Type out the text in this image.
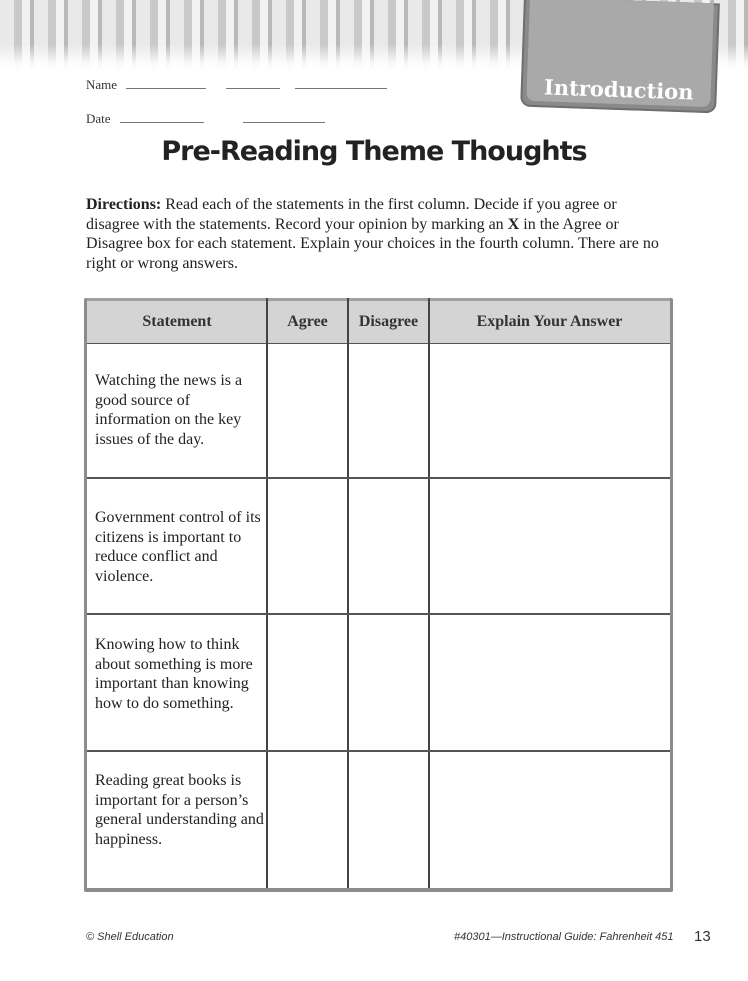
Introduction
Name
Date
Pre-Reading Theme Thoughts
Directions: Read each of the statements in the first column. Decide if you agree or disagree with the statements. Record your opinion by marking an X in the Agree or Disagree box for each statement. Explain your choices in the fourth column. There are no right or wrong answers.
Statement	Agree	Disagree	Explain Your Answer
Watching the news is a good source of information on the key issues of the day.
Government control of its citizens is important to reduce conflict and violence.
Knowing how to think about something is more important than knowing how to do something.
Reading great books is important for a person’s general understanding and happiness.
© Shell Education	#40301—Instructional Guide: Fahrenheit 451 13
